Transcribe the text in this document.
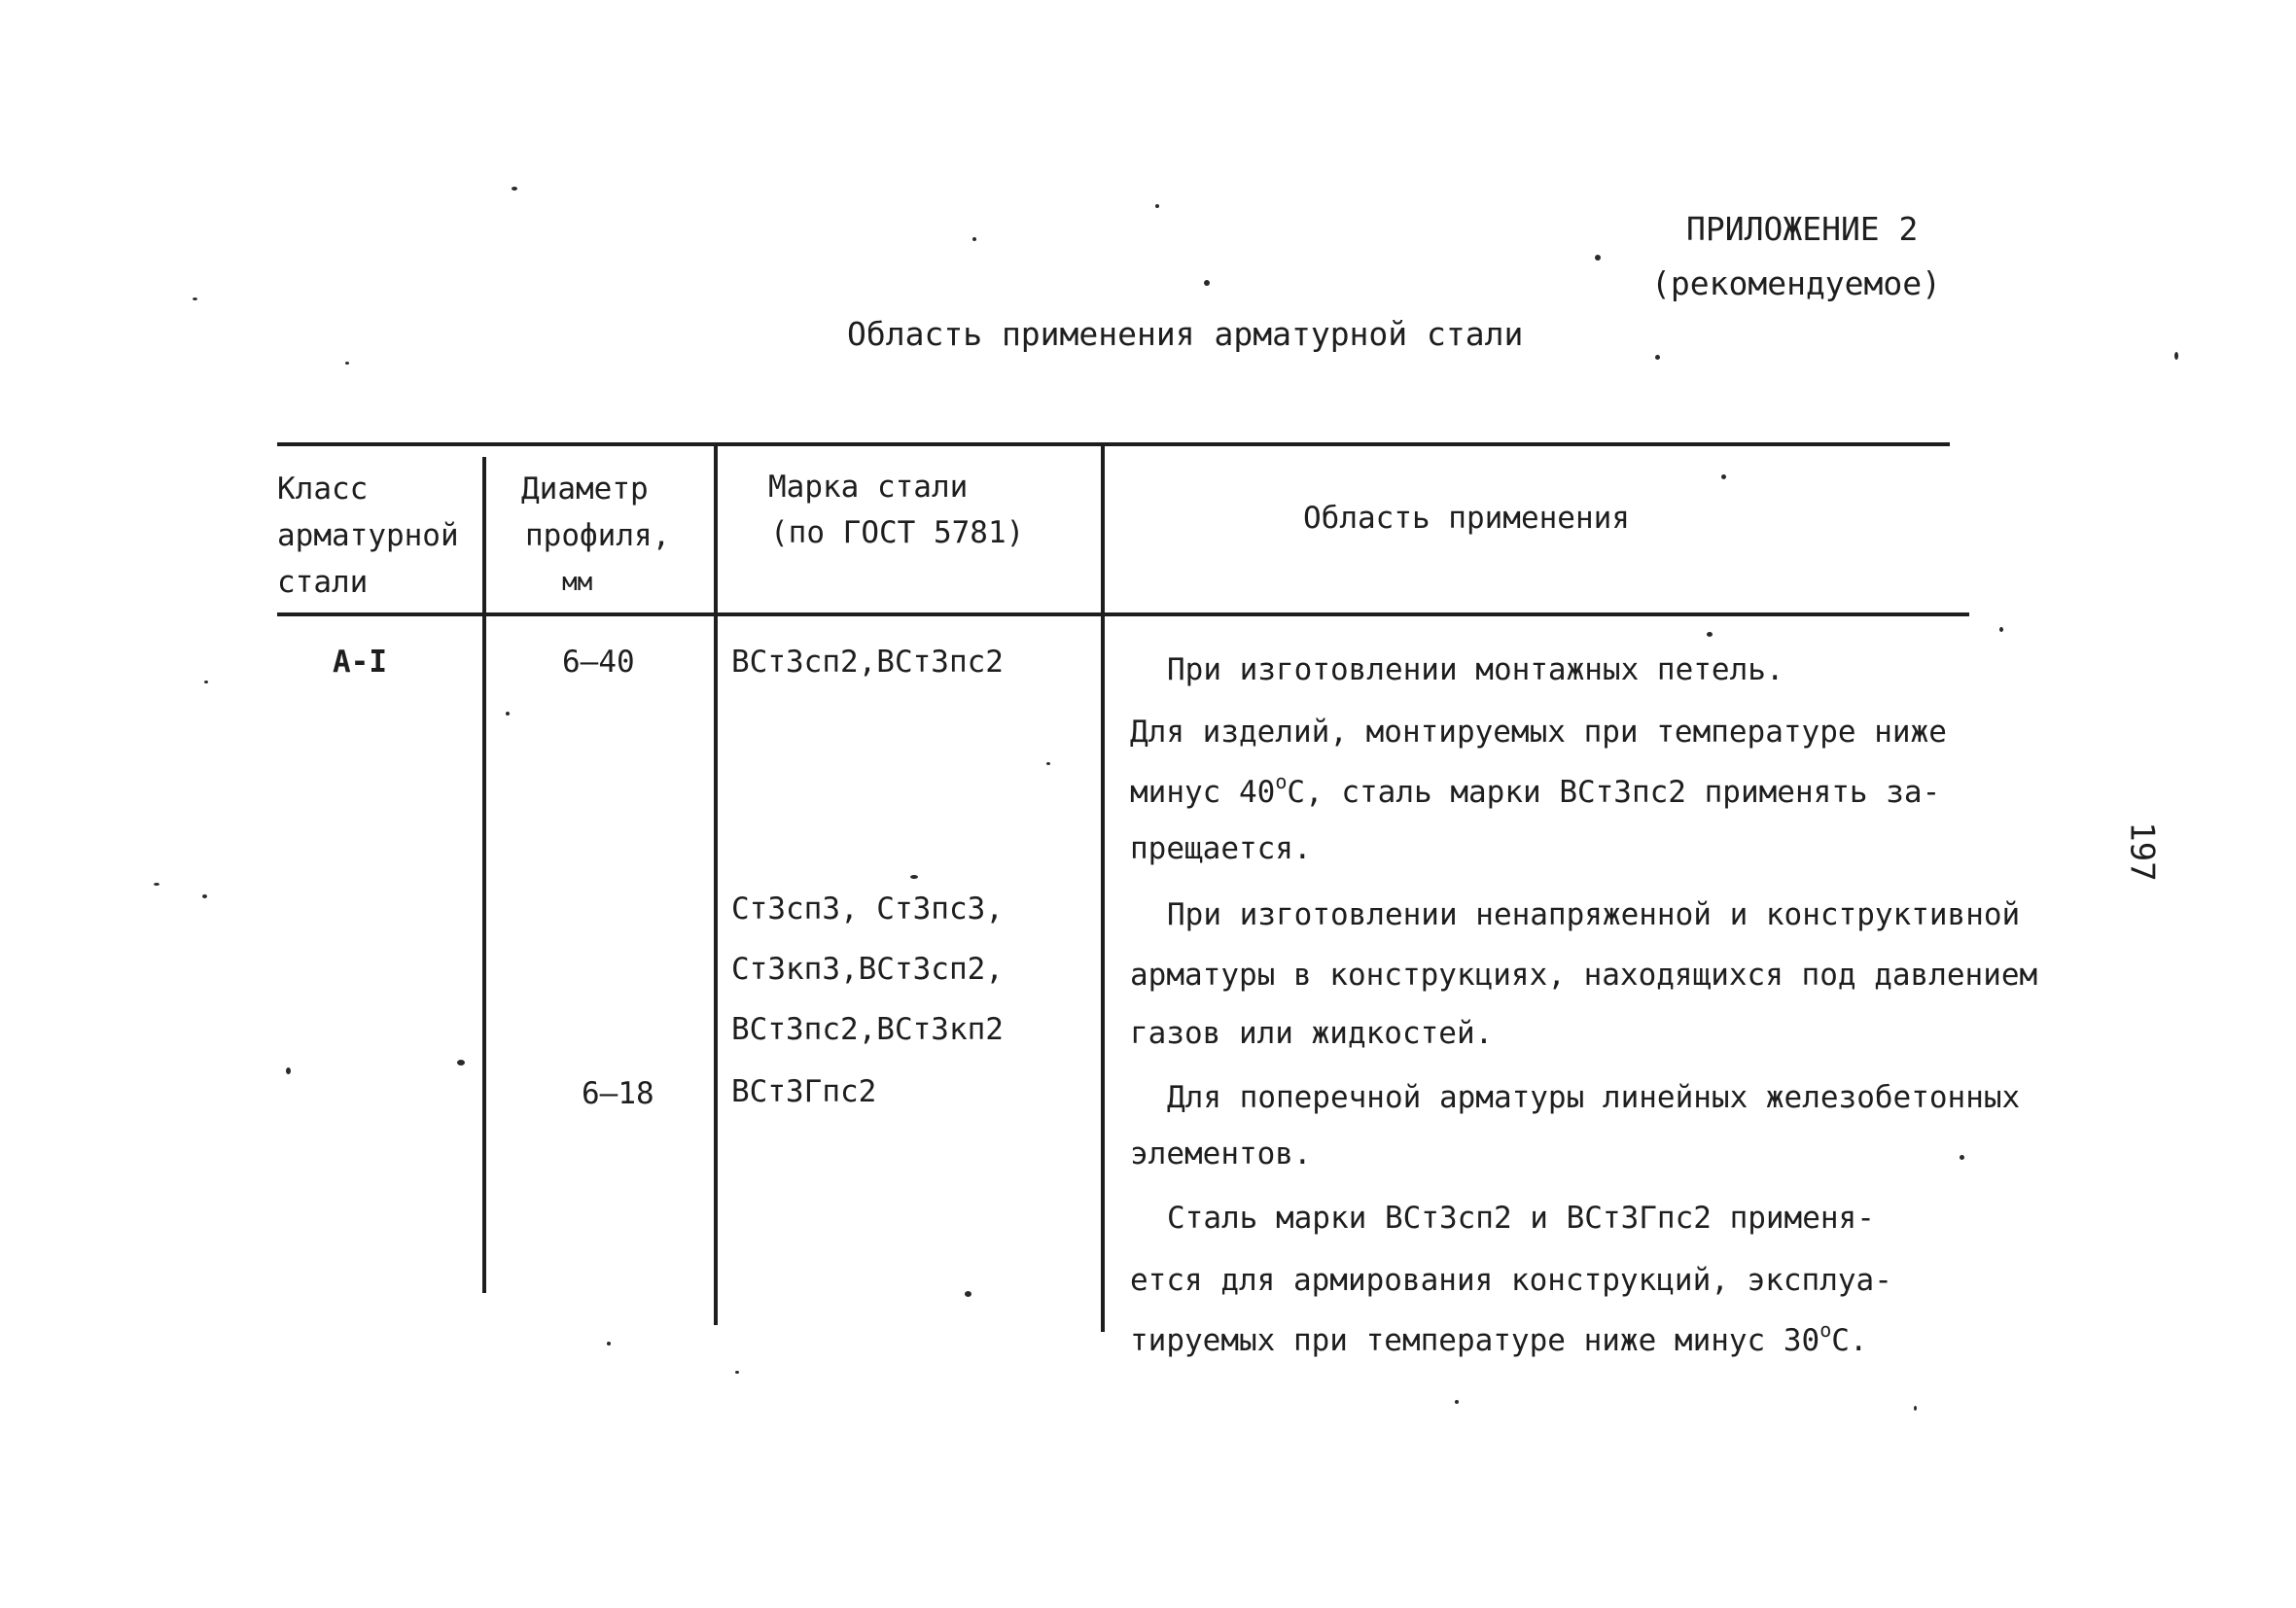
ПРИЛОЖЕНИЕ 2
(рекомендуемое)
Область применения арматурной стали
Класс
арматурной
стали
Диаметр
профиля,
мм
Марка стали
(по ГОСТ 5781)	Область применения
А-I	6–40
6–18
ВСт3сп2,ВСт3пс2
Ст3сп3, Ст3пс3,
Ст3кп3,ВСт3сп2,
ВСт3пс2,ВСт3кп2
ВСт3Гпс2
При изготовлении монтажных петель.
Для изделий, монтируемых при температуре ниже
минус $40^оС$, сталь марки ВСт3пс2 применять за-
прещается.
При изготовлении ненапряженной и конструктивной
арматуры в конструкциях, находящихся под давлением
газов или жидкостей.
Для поперечной арматуры линейных железобетонных
элементов.
Сталь марки ВСт3сп2 и ВСт3Гпс2 применя-
ется для армирования конструкций, эксплуа-
тируемых при температуре ниже минус $30^оС$.
197
